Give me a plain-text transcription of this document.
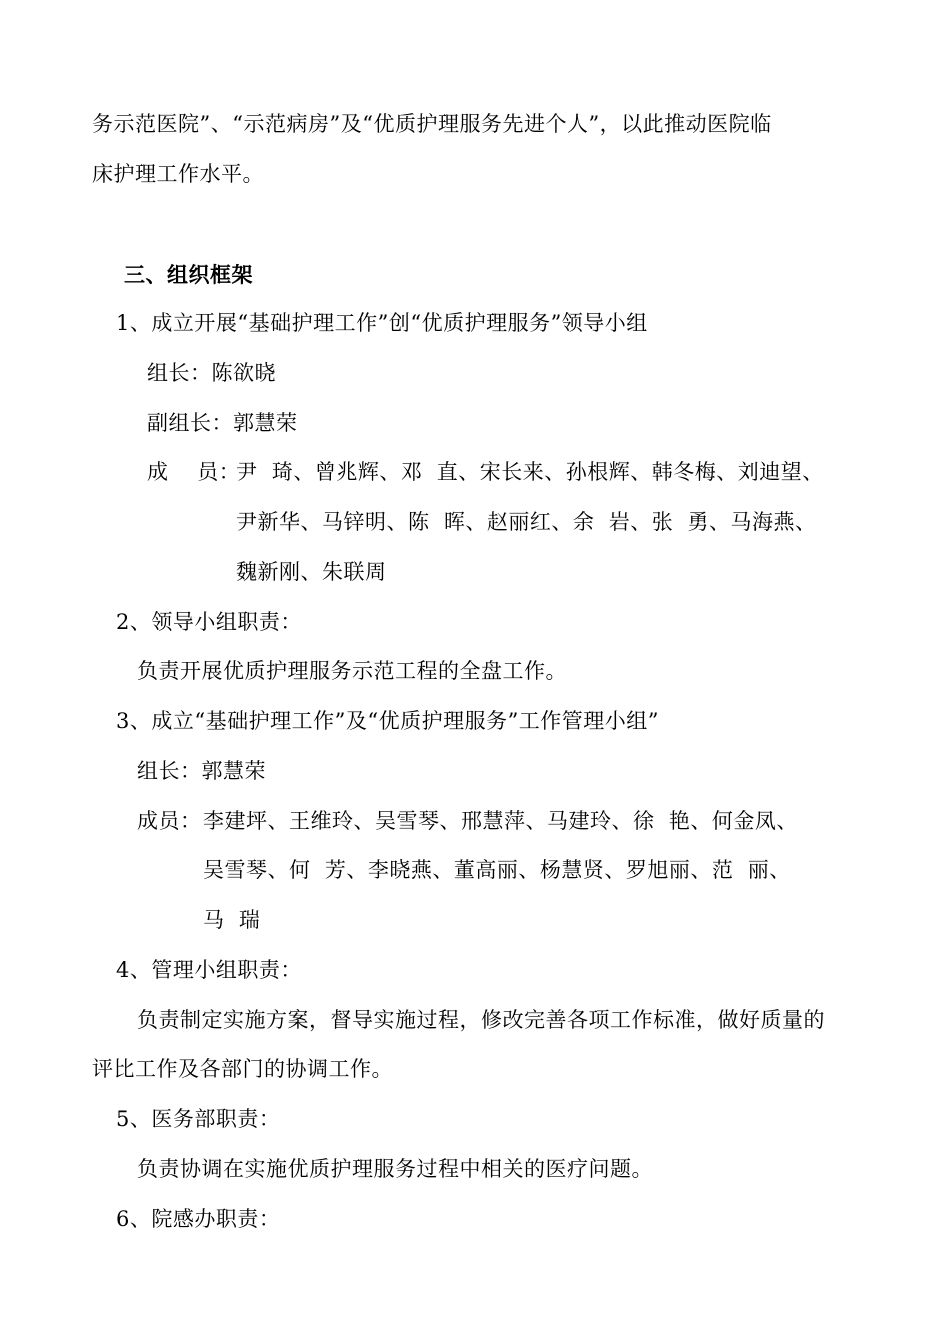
务示范医院”、“示范病房”及“优质护理服务先进个人”，以此推动医院临
床护理工作水平。
三、组织框架
1、成立开展“基础护理工作”创“优质护理服务”领导小组
组长：陈欲晓
副组长：郭慧荣
成    员：
尹  琦、曾兆辉、邓  直、宋长来、孙根辉、韩冬梅、刘迪望、
尹新华、马锌明、陈  晖、赵丽红、余  岩、张  勇、马海燕、
魏新刚、朱联周
2、领导小组职责：
负责开展优质护理服务示范工程的全盘工作。
3、成立“基础护理工作”及“优质护理服务”工作管理小组”
组长：郭慧荣
成员： 李建坪、王维玲、吴雪琴、邢慧萍、马建玲、徐  艳、何金凤、
吴雪琴、何  芳、李晓燕、董高丽、杨慧贤、罗旭丽、范  丽、
马  瑞
4、管理小组职责：
负责制定实施方案，督导实施过程，修改完善各项工作标准，做好质量的
评比工作及各部门的协调工作。
5、医务部职责：
负责协调在实施优质护理服务过程中相关的医疗问题。
6、院感办职责：
